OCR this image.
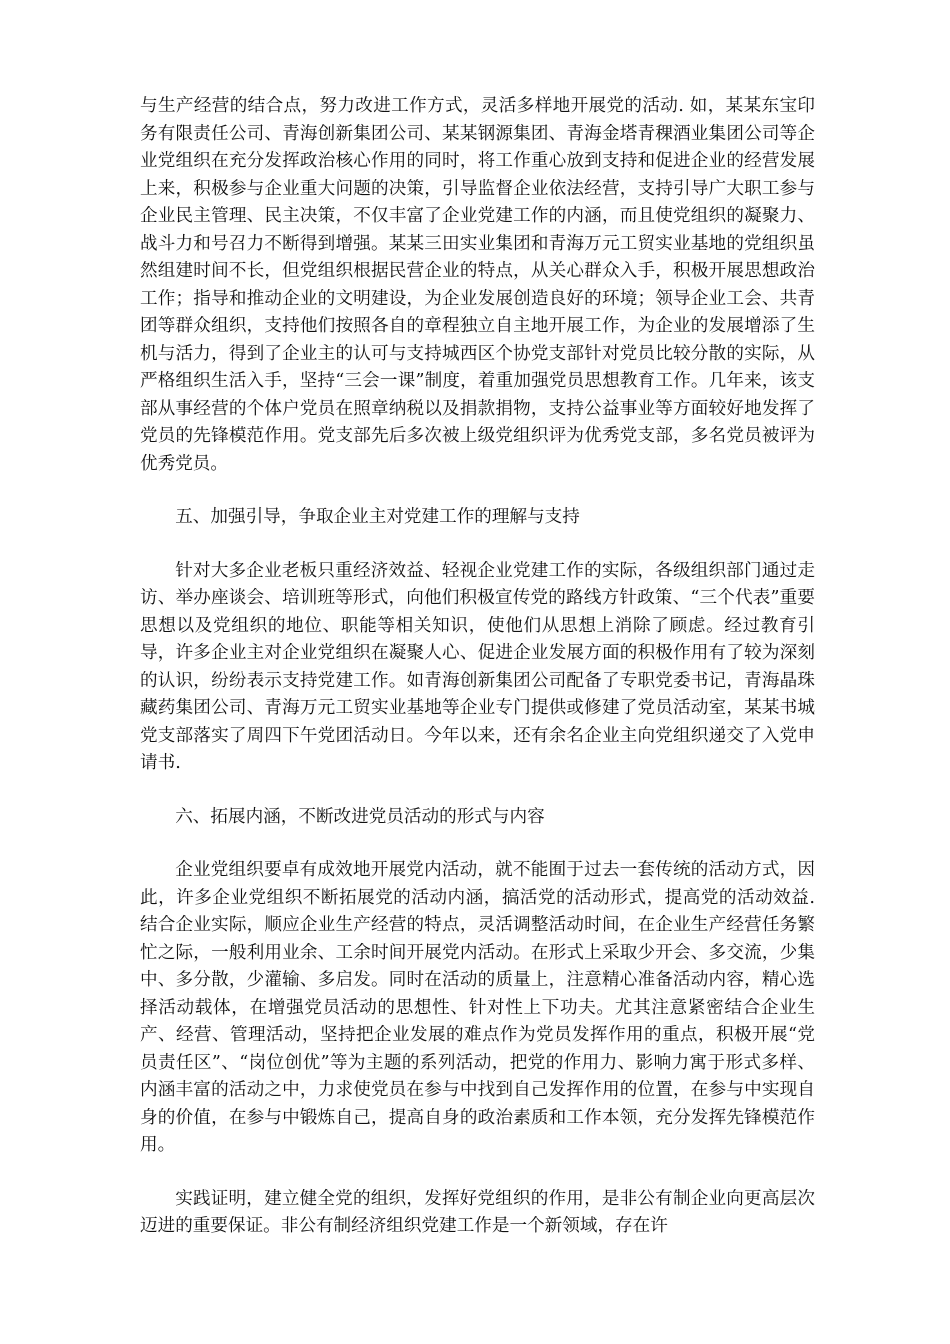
与生产经营的结合点，努力改进工作方式，灵活多样地开展党的活动. 如，某某东宝印务有限责任公司、青海创新集团公司、某某钢源集团、青海金塔青稞酒业集团公司等企业党组织在充分发挥政治核心作用的同时，将工作重心放到支持和促进企业的经营发展上来，积极参与企业重大问题的决策，引导监督企业依法经营，支持引导广大职工参与企业民主管理、民主决策，不仅丰富了企业党建工作的内涵，而且使党组织的凝聚力、战斗力和号召力不断得到增强。某某三田实业集团和青海万元工贸实业基地的党组织虽然组建时间不长，但党组织根据民营企业的特点，从关心群众入手，积极开展思想政治工作；指导和推动企业的文明建设，为企业发展创造良好的环境；领导企业工会、共青团等群众组织，支持他们按照各自的章程独立自主地开展工作，为企业的发展增添了生机与活力，得到了企业主的认可与支持城西区个协党支部针对党员比较分散的实际，从严格组织生活入手，坚持“三会一课”制度，着重加强党员思想教育工作。几年来，该支部从事经营的个体户党员在照章纳税以及捐款捐物，支持公益事业等方面较好地发挥了党员的先锋模范作用。党支部先后多次被上级党组织评为优秀党支部，多名党员被评为优秀党员。

五、加强引导，争取企业主对党建工作的理解与支持

针对大多企业老板只重经济效益、轻视企业党建工作的实际，各级组织部门通过走访、举办座谈会、培训班等形式，向他们积极宣传党的路线方针政策、“三个代表”重要思想以及党组织的地位、职能等相关知识，使他们从思想上消除了顾虑。经过教育引导，许多企业主对企业党组织在凝聚人心、促进企业发展方面的积极作用有了较为深刻的认识，纷纷表示支持党建工作。如青海创新集团公司配备了专职党委书记，青海晶珠藏药集团公司、青海万元工贸实业基地等企业专门提供或修建了党员活动室，某某书城党支部落实了周四下午党团活动日。今年以来，还有余名企业主向党组织递交了入党申请书.

六、拓展内涵，不断改进党员活动的形式与内容

企业党组织要卓有成效地开展党内活动，就不能囿于过去一套传统的活动方式，因此，许多企业党组织不断拓展党的活动内涵，搞活党的活动形式，提高党的活动效益. 结合企业实际，顺应企业生产经营的特点，灵活调整活动时间，在企业生产经营任务繁忙之际，一般利用业余、工余时间开展党内活动。在形式上采取少开会、多交流，少集中、多分散，少灌输、多启发。同时在活动的质量上，注意精心准备活动内容，精心选择活动载体，在增强党员活动的思想性、针对性上下功夫。尤其注意紧密结合企业生产、经营、管理活动，坚持把企业发展的难点作为党员发挥作用的重点，积极开展“党员责任区”、“岗位创优”等为主题的系列活动，把党的作用力、影响力寓于形式多样、内涵丰富的活动之中，力求使党员在参与中找到自己发挥作用的位置，在参与中实现自身的价值，在参与中锻炼自己，提高自身的政治素质和工作本领，充分发挥先锋模范作用。

实践证明，建立健全党的组织，发挥好党组织的作用，是非公有制企业向更高层次迈进的重要保证。非公有制经济组织党建工作是一个新领域，存在许
